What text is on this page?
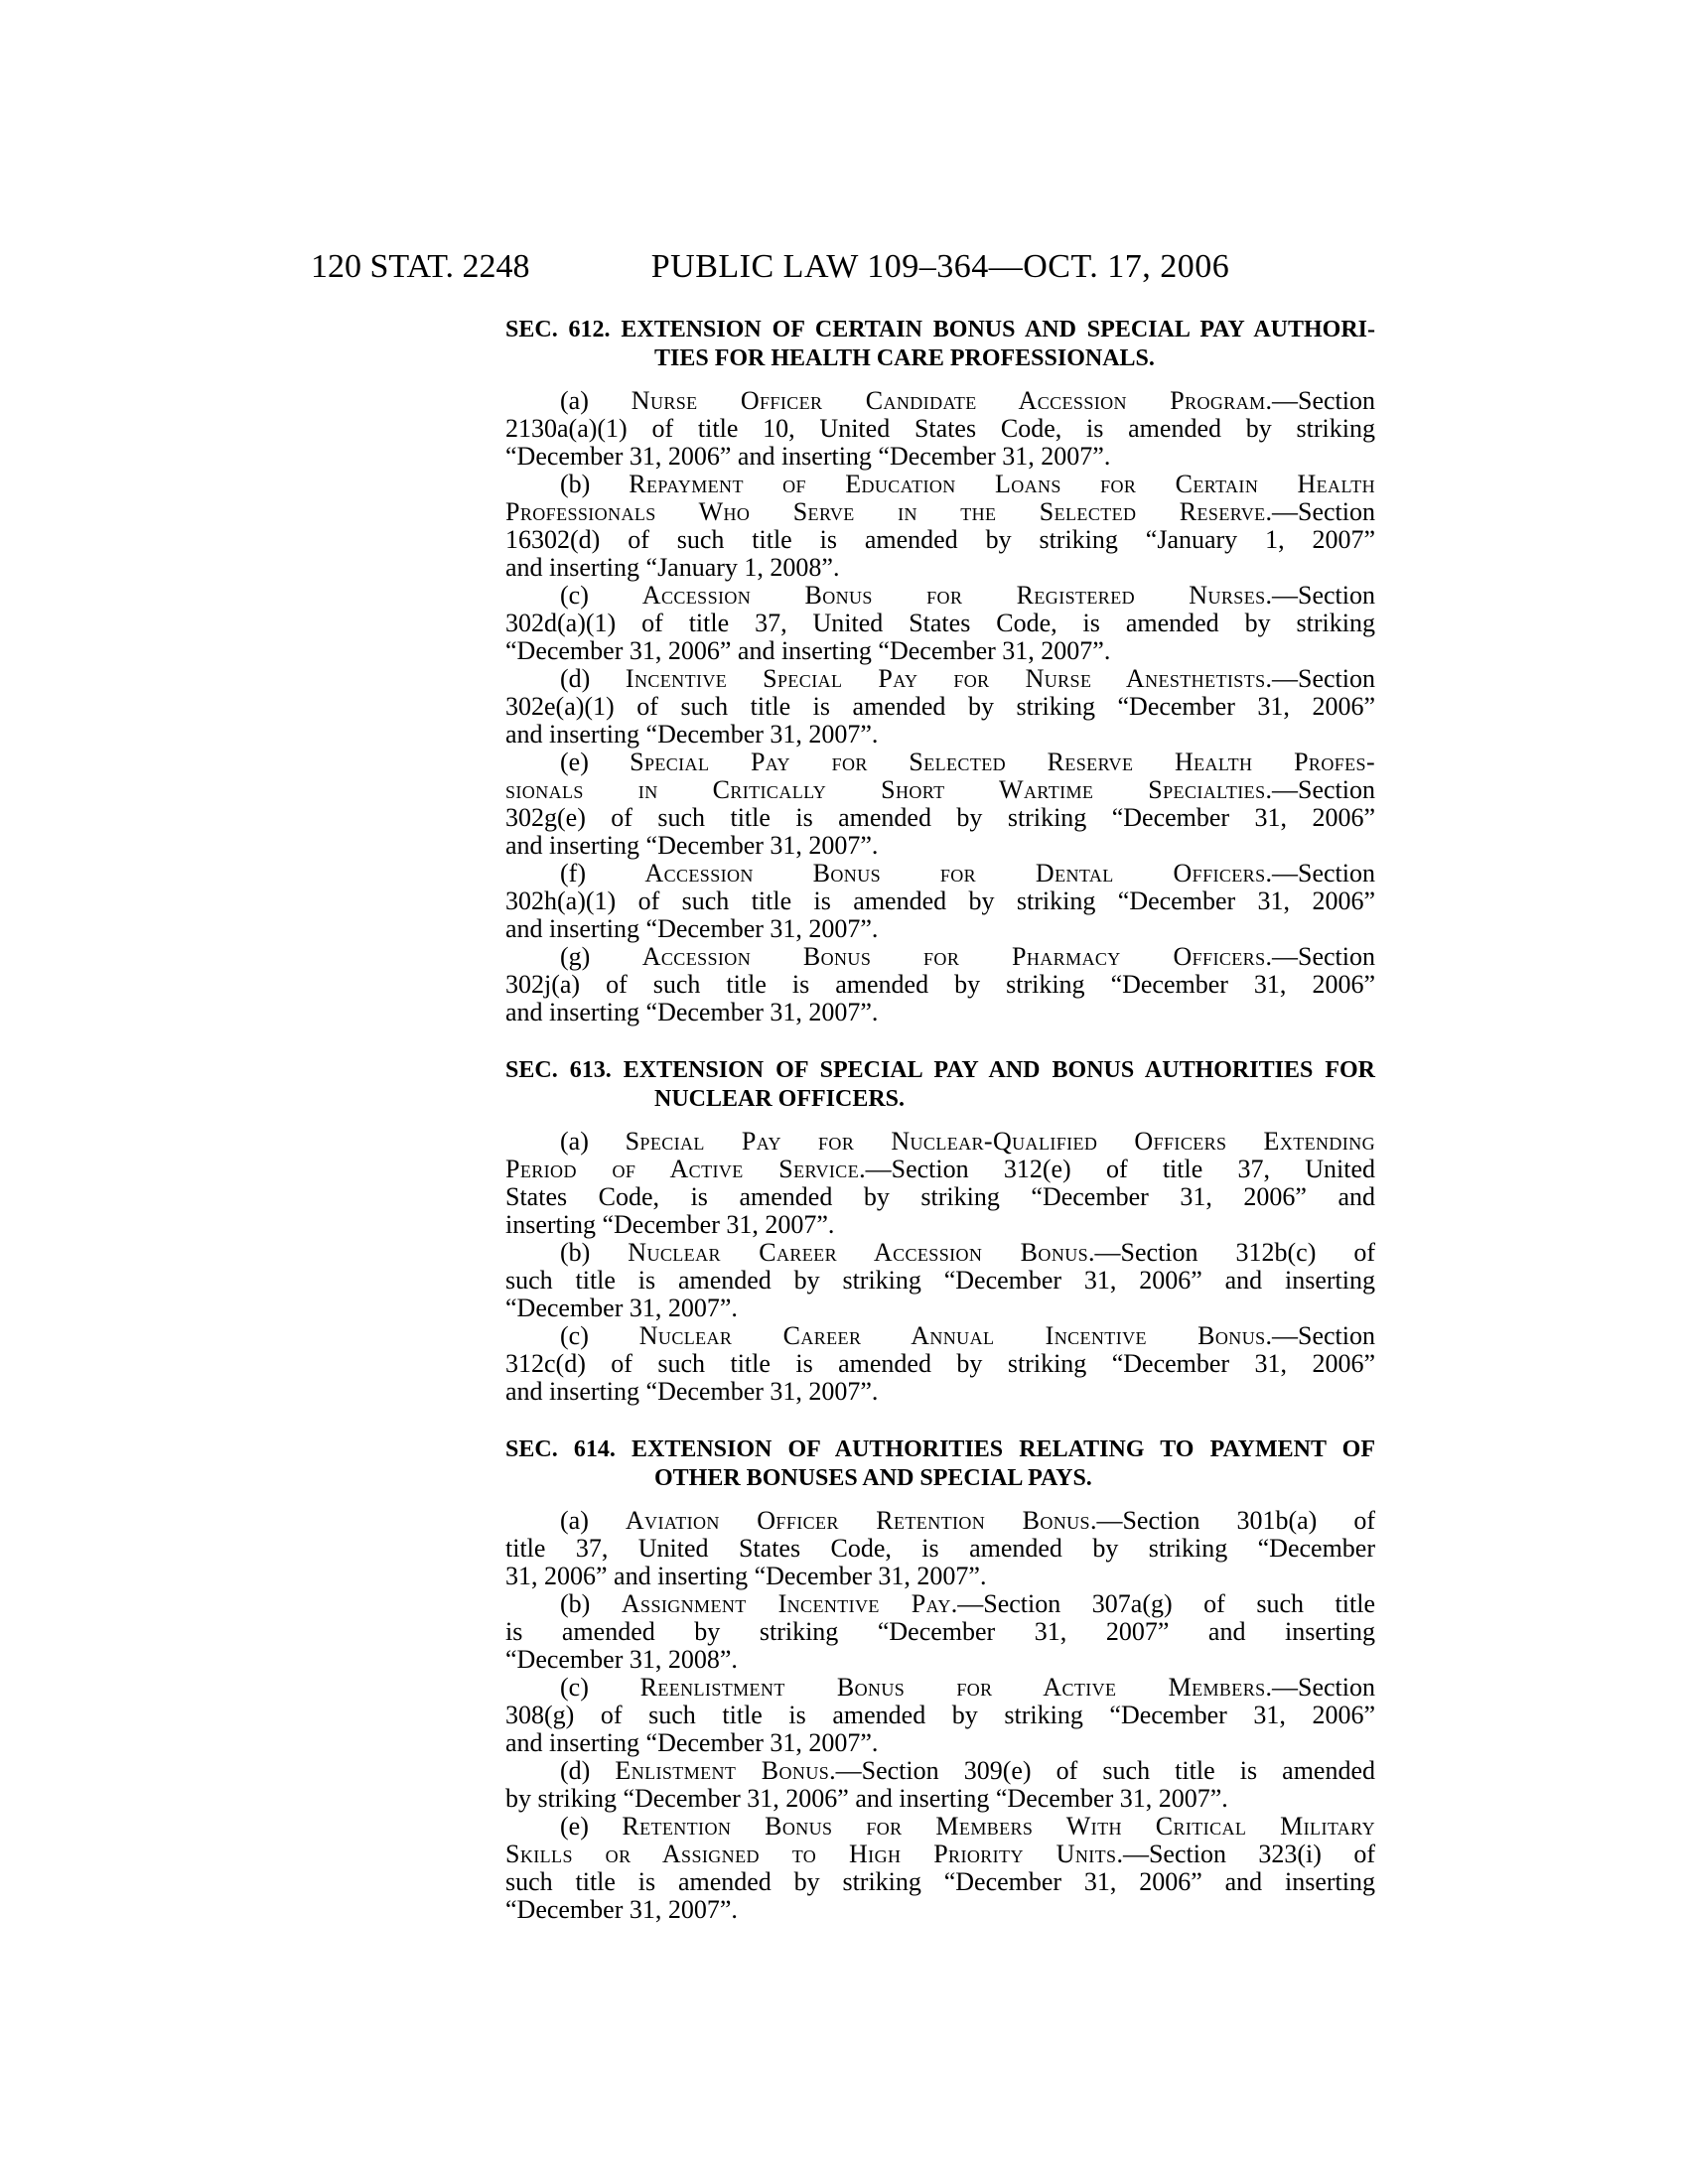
120 STAT. 2248	PUBLIC LAW 109–364—OCT. 17, 2006
SEC. 612. EXTENSION OF CERTAIN BONUS AND SPECIAL PAY AUTHORI-
TIES FOR HEALTH CARE PROFESSIONALS.

(a) Nurse Officer Candidate Accession Program.—Section
2130a(a)(1) of title 10, United States Code, is amended by striking
“December 31, 2006” and inserting “December 31, 2007”.

(b) Repayment of Education Loans for Certain Health
Professionals Who Serve in the Selected Reserve.—Section
16302(d) of such title is amended by striking “January 1, 2007”
and inserting “January 1, 2008”.

(c) Accession Bonus for Registered Nurses.—Section
302d(a)(1) of title 37, United States Code, is amended by striking
“December 31, 2006” and inserting “December 31, 2007”.

(d) Incentive Special Pay for Nurse Anesthetists.—Section
302e(a)(1) of such title is amended by striking “December 31, 2006”
and inserting “December 31, 2007”.

(e) Special Pay for Selected Reserve Health Profes-
sionals in Critically Short Wartime Specialties.—Section
302g(e) of such title is amended by striking “December 31, 2006”
and inserting “December 31, 2007”.

(f) Accession Bonus for Dental Officers.—Section
302h(a)(1) of such title is amended by striking “December 31, 2006”
and inserting “December 31, 2007”.

(g) Accession Bonus for Pharmacy Officers.—Section
302j(a) of such title is amended by striking “December 31, 2006”
and inserting “December 31, 2007”.

SEC. 613. EXTENSION OF SPECIAL PAY AND BONUS AUTHORITIES FOR
NUCLEAR OFFICERS.

(a) Special Pay for Nuclear-Qualified Officers Extending
Period of Active Service.—Section 312(e) of title 37, United
States Code, is amended by striking “December 31, 2006” and
inserting “December 31, 2007”.

(b) Nuclear Career Accession Bonus.—Section 312b(c) of
such title is amended by striking “December 31, 2006” and inserting
“December 31, 2007”.

(c) Nuclear Career Annual Incentive Bonus.—Section
312c(d) of such title is amended by striking “December 31, 2006”
and inserting “December 31, 2007”.

SEC. 614. EXTENSION OF AUTHORITIES RELATING TO PAYMENT OF
OTHER BONUSES AND SPECIAL PAYS.

(a) Aviation Officer Retention Bonus.—Section 301b(a) of
title 37, United States Code, is amended by striking “December
31, 2006” and inserting “December 31, 2007”.

(b) Assignment Incentive Pay.—Section 307a(g) of such title
is amended by striking “December 31, 2007” and inserting
“December 31, 2008”.

(c) Reenlistment Bonus for Active Members.—Section
308(g) of such title is amended by striking “December 31, 2006”
and inserting “December 31, 2007”.

(d) Enlistment Bonus.—Section 309(e) of such title is amended
by striking “December 31, 2006” and inserting “December 31, 2007”.

(e) Retention Bonus for Members With Critical Military
Skills or Assigned to High Priority Units.—Section 323(i) of
such title is amended by striking “December 31, 2006” and inserting
“December 31, 2007”.
